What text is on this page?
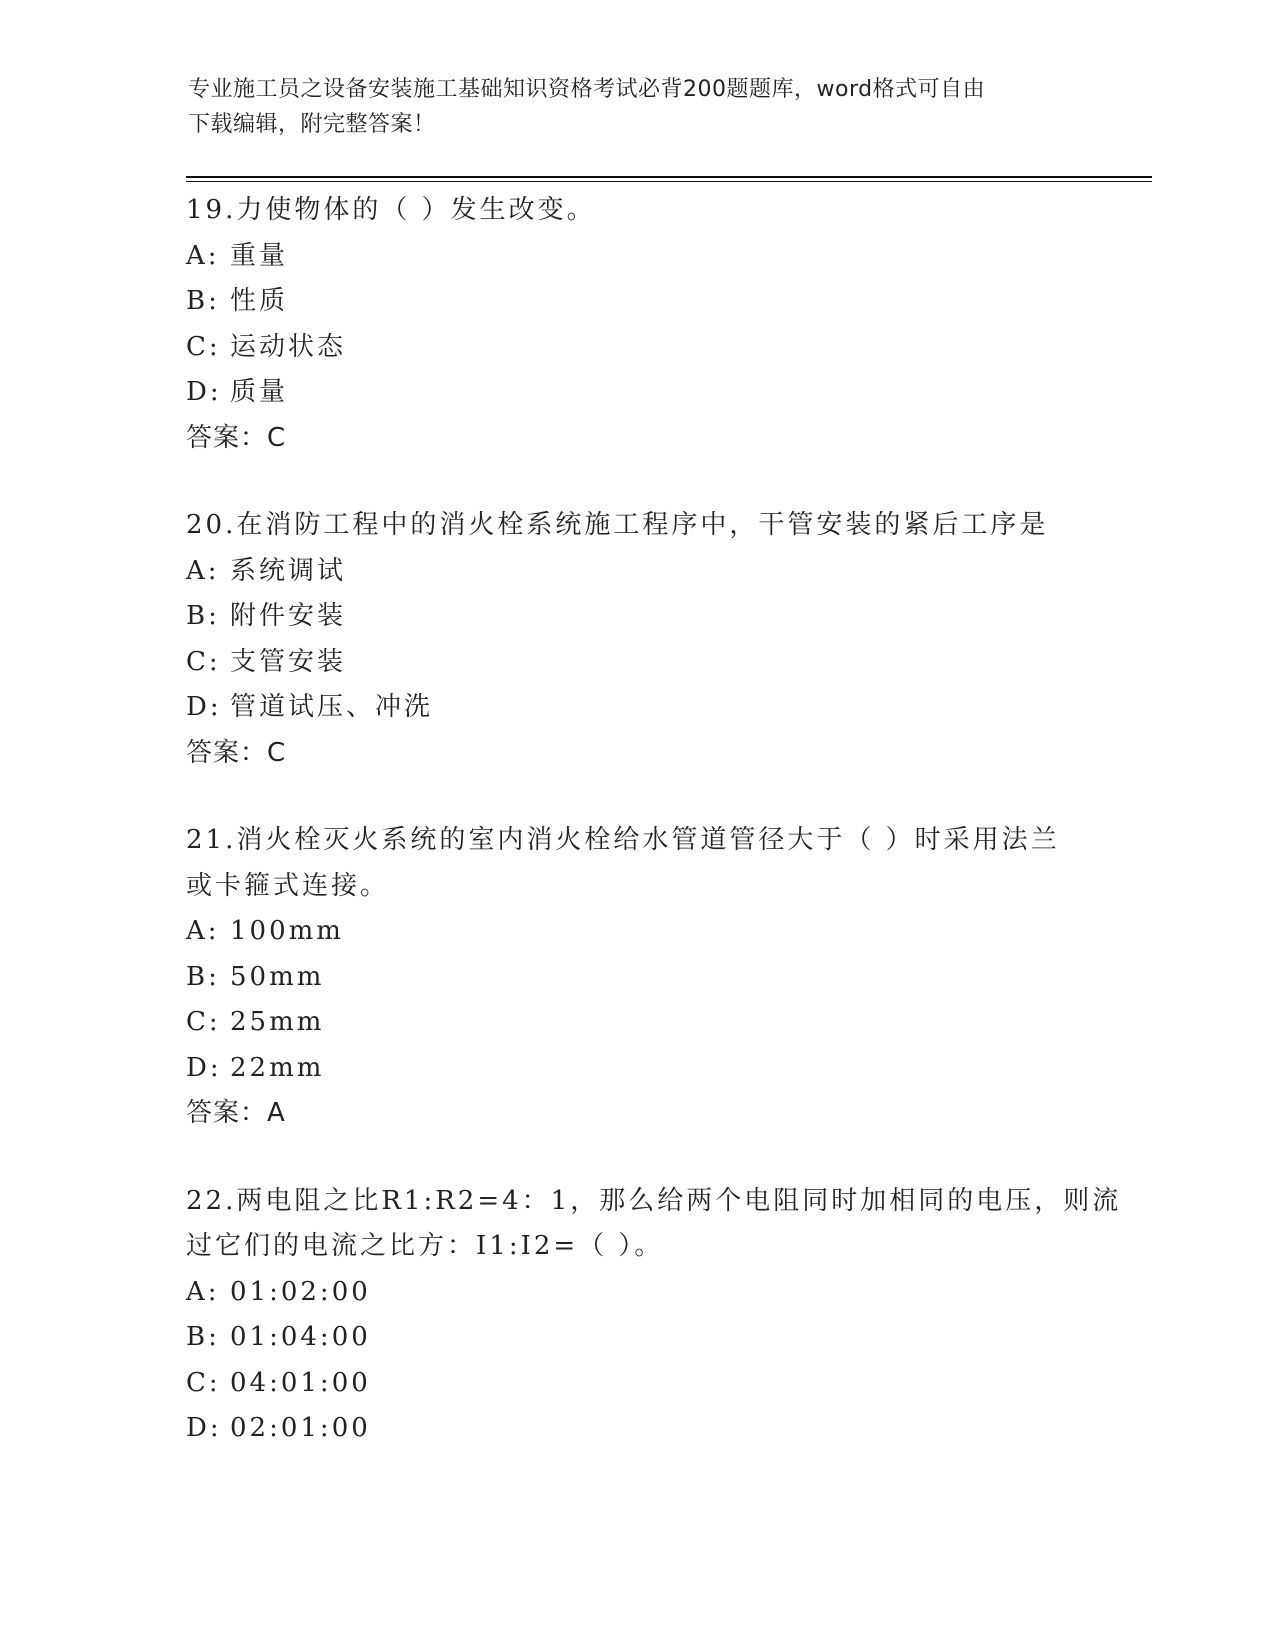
专业施工员之设备安装施工基础知识资格考试必背200题题库，word格式可自由
下载编辑，附完整答案！
19.力使物体的（ ）发生改变。
A: 重量
B: 性质
C: 运动状态
D: 质量
答案：C
20.在消防工程中的消火栓系统施工程序中，干管安装的紧后工序是
A: 系统调试
B: 附件安装
C: 支管安装
D: 管道试压、冲洗
答案：C
21.消火栓灭火系统的室内消火栓给水管道管径大于（ ）时采用法兰
或卡箍式连接。
A: 100mm
B: 50mm
C: 25mm
D: 22mm
答案：A
22.两电阻之比R1:R2=4：1，那么给两个电阻同时加相同的电压，则流
过它们的电流之比方：I1:I2=（ ）。
A: 01:02:00
B: 01:04:00
C: 04:01:00
D: 02:01:00
